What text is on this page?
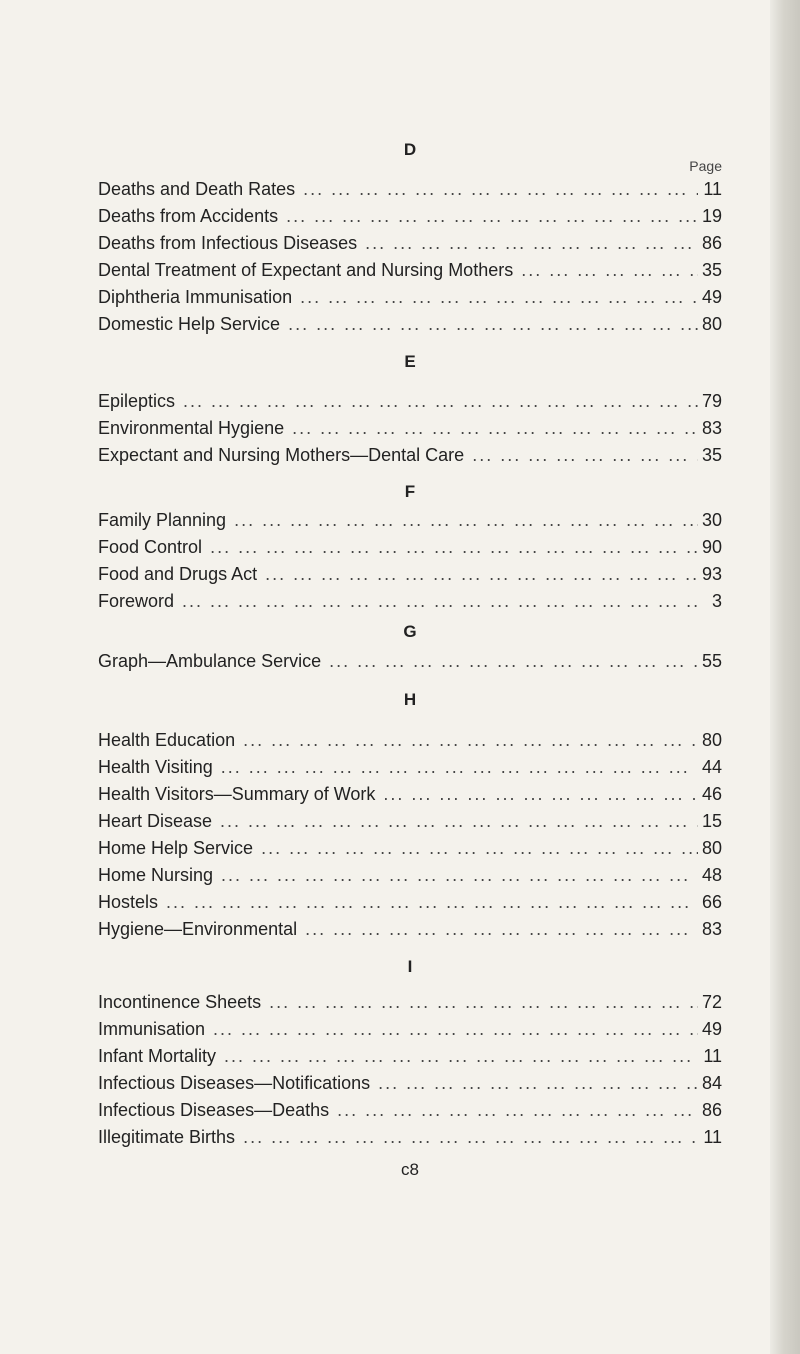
Page
D
Deaths and Death Rates ... .	11
Deaths from Accidents ... .	19
Deaths from Infectious Diseases ... .	86
Dental Treatment of Expectant and Nursing Mothers ... .	35
Diphtheria Immunisation ... .	49
Domestic Help Service ... .	80
E
Epileptics ... .	79
Environmental Hygiene ... .	83
Expectant and Nursing Mothers—Dental Care ... .	35
F
Family Planning ... .	30
Food Control ... .	90
Food and Drugs Act ... .	93
Foreword ... .	3
G
Graph—Ambulance Service ... .	55
H
Health Education ... .	80
Health Visiting ... .	44
Health Visitors—Summary of Work ... .	46
Heart Disease ... .	15
Home Help Service ... .	80
Home Nursing ... .	48
Hostels ... .	66
Hygiene—Environmental ... .	83
I
Incontinence Sheets ... .	72
Immunisation ... .	49
Infant Mortality ... .	11
Infectious Diseases—Notifications ... .	84
Infectious Diseases—Deaths ... .	86
Illegitimate Births ... .	11
c8
